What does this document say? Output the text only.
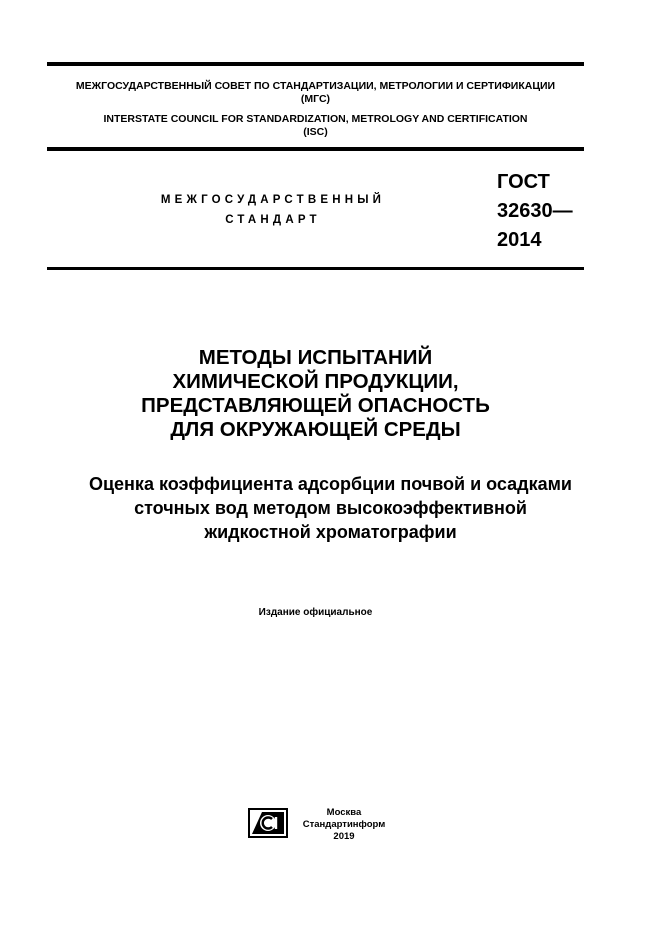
МЕЖГОСУДАРСТВЕННЫЙ СОВЕТ ПО СТАНДАРТИЗАЦИИ, МЕТРОЛОГИИ И СЕРТИФИКАЦИИ
(МГС)
INTERSTATE COUNCIL FOR STANDARDIZATION, METROLOGY AND CERTIFICATION
(ISC)
МЕЖГОСУДАРСТВЕННЫЙ
СТАНДАРТ
ГОСТ
32630—
2014
МЕТОДЫ ИСПЫТАНИЙ
ХИМИЧЕСКОЙ ПРОДУКЦИИ,
ПРЕДСТАВЛЯЮЩЕЙ ОПАСНОСТЬ
ДЛЯ ОКРУЖАЮЩЕЙ СРЕДЫ
Оценка коэффициента адсорбции почвой и осадками
сточных вод методом высокоэффективной
жидкостной хроматографии
Издание официальное
Москва
Стандартинформ
2019
